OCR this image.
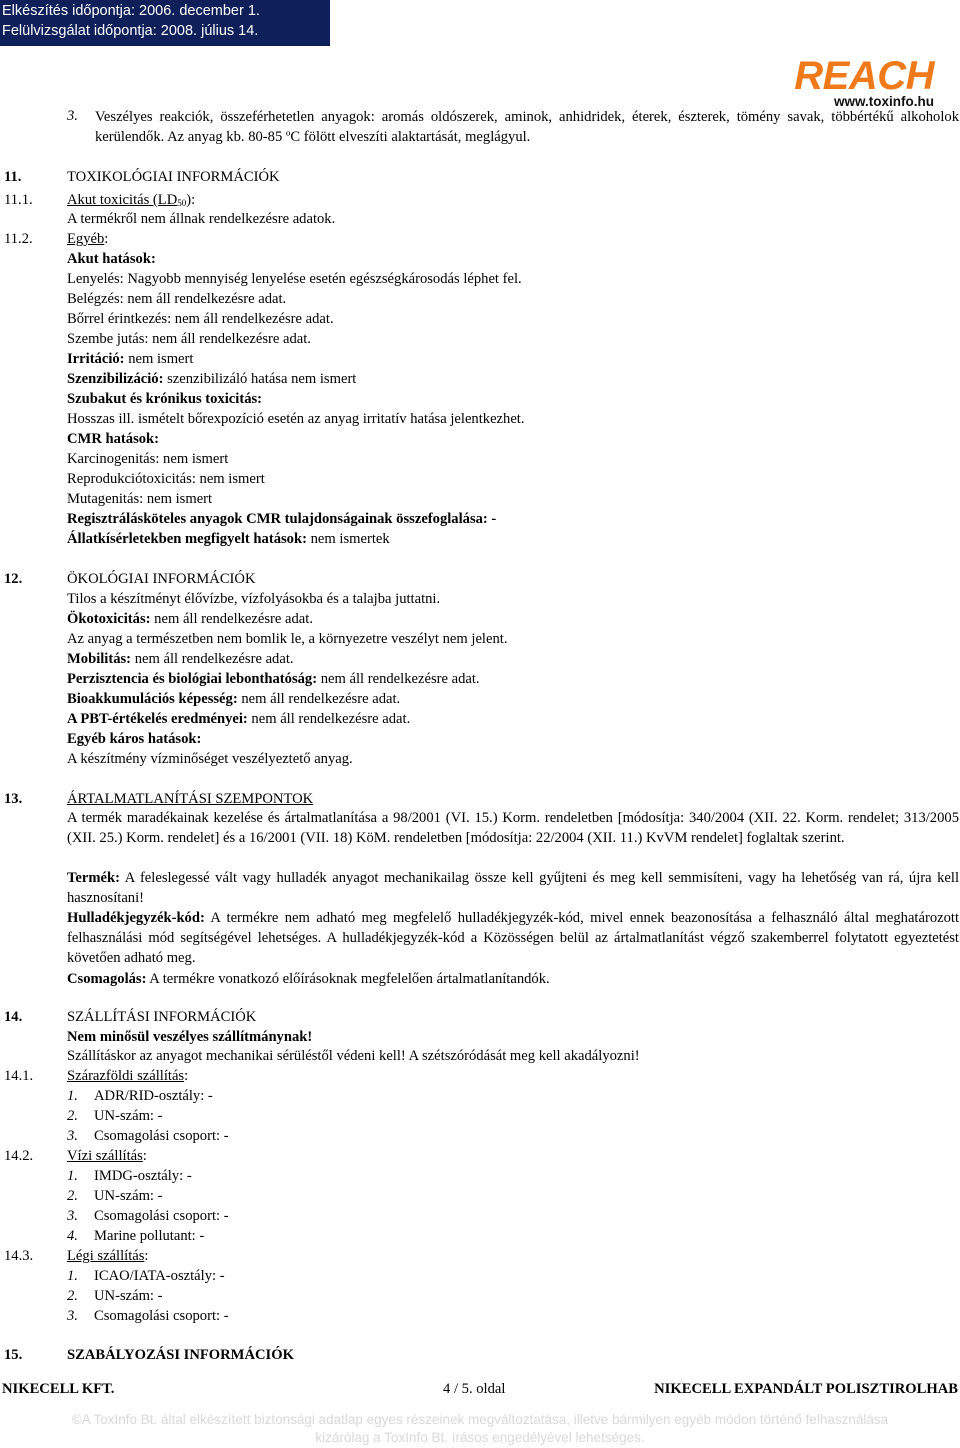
Elkészítés időpontja: 2006. december 1.
Felülvizsgálat időpontja: 2008. július 14.
REACH
www.toxinfo.hu
3. Veszélyes reakciók, összeférhetetlen anyagok: aromás oldószerek, aminok, anhidridek, éterek, észterek, tömény savak, többértékű alkoholok kerülendők. Az anyag kb. 80-85 ºC fölött elveszíti alaktartását, meglágyul.
11.	TOXIKOLÓGIAI INFORMÁCIÓK
11.1. Akut toxicitás $(LD_{50})$:
A termékről nem állnak rendelkezésre adatok.
11.2. Egyéb:
Akut hatások:
Lenyelés: Nagyobb mennyiség lenyelése esetén egészségkárosodás léphet fel.
Belégzés: nem áll rendelkezésre adat.
Bőrrel érintkezés: nem áll rendelkezésre adat.
Szembe jutás: nem áll rendelkezésre adat.
Irritáció: nem ismert
Szenzibilizáció: szenzibilizáló hatása nem ismert
Szubakut és krónikus toxicitás:
Hosszas ill. ismételt bőrexpozíció esetén az anyag irritatív hatása jelentkezhet.
CMR hatások:
Karcinogenitás: nem ismert
Reprodukciótoxicitás: nem ismert
Mutagenitás: nem ismert
Regisztrálásköteles anyagok CMR tulajdonságainak összefoglalása: -
Állatkísérletekben megfigyelt hatások: nem ismertek
12.	ÖKOLÓGIAI INFORMÁCIÓK
Tilos a készítményt élővízbe, vízfolyásokba és a talajba juttatni.
Ökotoxicitás: nem áll rendelkezésre adat.
Az anyag a természetben nem bomlik le, a környezetre veszélyt nem jelent.
Mobilitás: nem áll rendelkezésre adat.
Perzisztencia és biológiai lebonthatóság: nem áll rendelkezésre adat.
Bioakkumulációs képesség: nem áll rendelkezésre adat.
A PBT-értékelés eredményei: nem áll rendelkezésre adat.
Egyéb káros hatások:
A készítmény vízminőséget veszélyeztető anyag.
13.	ÁRTALMATLANÍTÁSI SZEMPONTOK
A termék maradékainak kezelése és ártalmatlanítása a 98/2001 (VI. 15.) Korm. rendeletben [módosítja: 340/2004 (XII. 22. Korm. rendelet; 313/2005 (XII. 25.) Korm. rendelet] és a 16/2001 (VII. 18) KöM. rendeletben [módosítja: 22/2004 (XII. 11.) KvVM rendelet] foglaltak szerint.
Termék: A feleslegessé vált vagy hulladék anyagot mechanikailag össze kell gyűjteni és meg kell semmisíteni, vagy ha lehetőség van rá, újra kell hasznosítani!
Hulladékjegyzék-kód: A termékre nem adható meg megfelelő hulladékjegyzék-kód, mivel ennek beazonosítása a felhasználó által meghatározott felhasználási mód segítségével lehetséges. A hulladékjegyzék-kód a Közösségen belül az ártalmatlanítást végző szakemberrel folytatott egyeztetést követően adható meg.
Csomagolás: A termékre vonatkozó előírásoknak megfelelően ártalmatlanítandók.
14.	SZÁLLÍTÁSI INFORMÁCIÓK
Nem minősül veszélyes szállítmánynak!
Szállításkor az anyagot mechanikai sérüléstől védeni kell! A szétszóródását meg kell akadályozni!
14.1. Szárazföldi szállítás:
1. ADR/RID-osztály: -
2. UN-szám: -
3. Csomagolási csoport: -
14.2. Vízi szállítás:
1. IMDG-osztály: -
2. UN-szám: -
3. Csomagolási csoport: -
4. Marine pollutant: -
14.3. Légi szállítás:
1. ICAO/IATA-osztály: -
2. UN-szám: -
3. Csomagolási csoport: -
15.	SZABÁLYOZÁSI INFORMÁCIÓK
NIKECELL KFT.	4 / 5. oldal	NIKECELL EXPANDÁLT POLISZTIROLHAB
©A ToxInfo Bt. által elkészített biztonsági adatlap egyes részeinek megváltoztatása, illetve bármilyen egyéb módon történő felhasználása
kizárólag a ToxInfo Bt. írásos engedélyével lehetséges.
